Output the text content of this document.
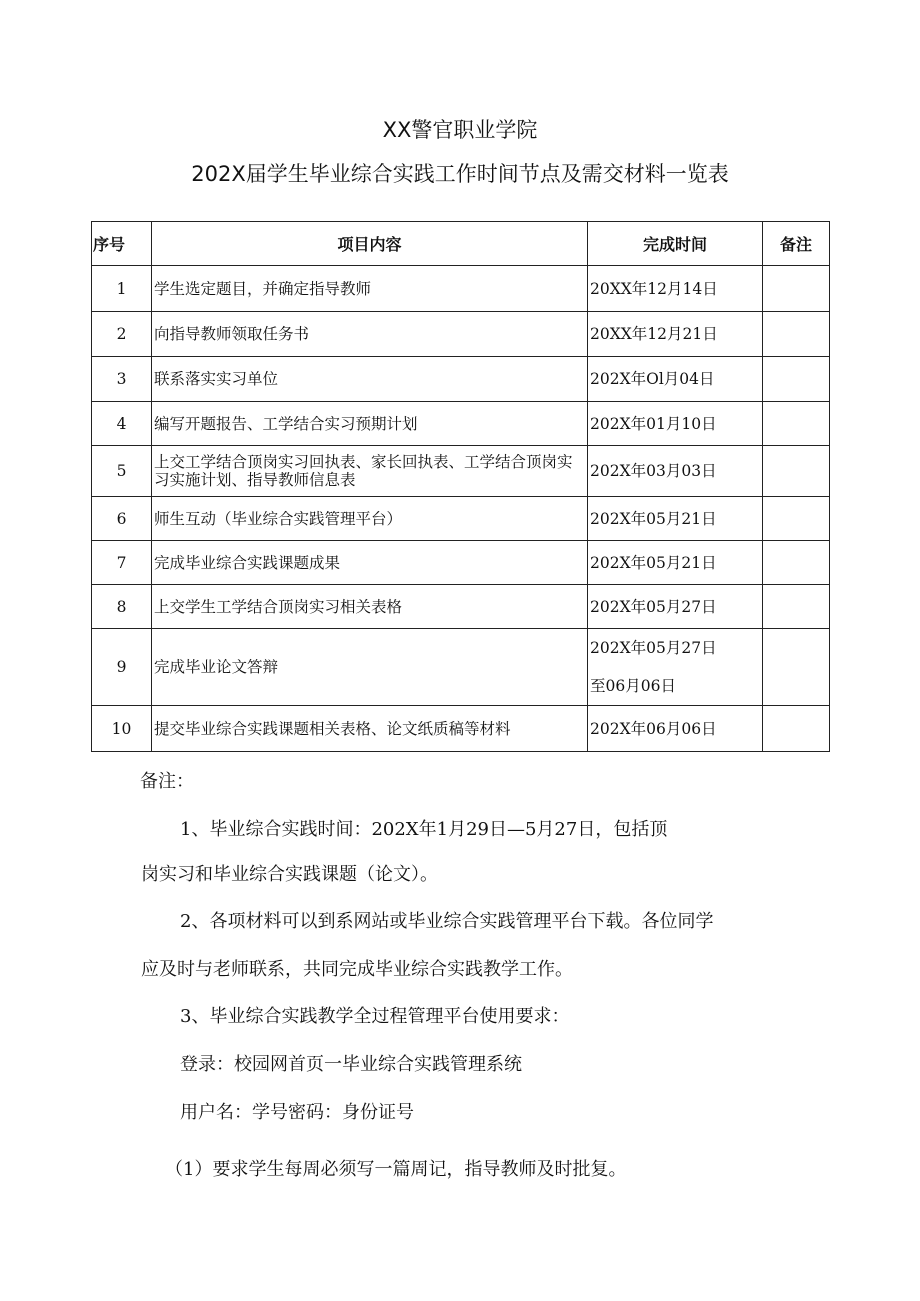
XX警官职业学院
202X届学生毕业综合实践工作时间节点及需交材料一览表
序号	项目内容	完成时间	备注
1	学生选定题目，并确定指导教师	20XX年12月14日	

2	向指导教师领取任务书	20XX年12月21日	

3	联系落实实习单位	202X年Ol月04日	

4	编写开题报告、工学结合实习预期计划	202X年01月10日	

5	上交工学结合顶岗实习回执表、家长回执表、工学结合顶岗实习实施计划、指导教师信息表	202X年03月03日	

6	师生互动（毕业综合实践管理平台）	202X年05月21日	

7	完成毕业综合实践课题成果	202X年05月21日	

8	上交学生工学结合顶岗实习相关表格	202X年05月27日	

9	完成毕业论文答辩	202X年05月27日
至06月06日	

10	提交毕业综合实践课题相关表格、论文纸质稿等材料	202X年06月06日	

备注：

1、毕业综合实践时间：202X年1月29日—5月27日，包括顶

岗实习和毕业综合实践课题（论文）。

2、各项材料可以到系网站或毕业综合实践管理平台下载。各位同学

应及时与老师联系，共同完成毕业综合实践教学工作。

3、毕业综合实践教学全过程管理平台使用要求：

登录：校园网首页一毕业综合实践管理系统

用户名：学号密码：身份证号

（1）要求学生每周必须写一篇周记，指导教师及时批复。
